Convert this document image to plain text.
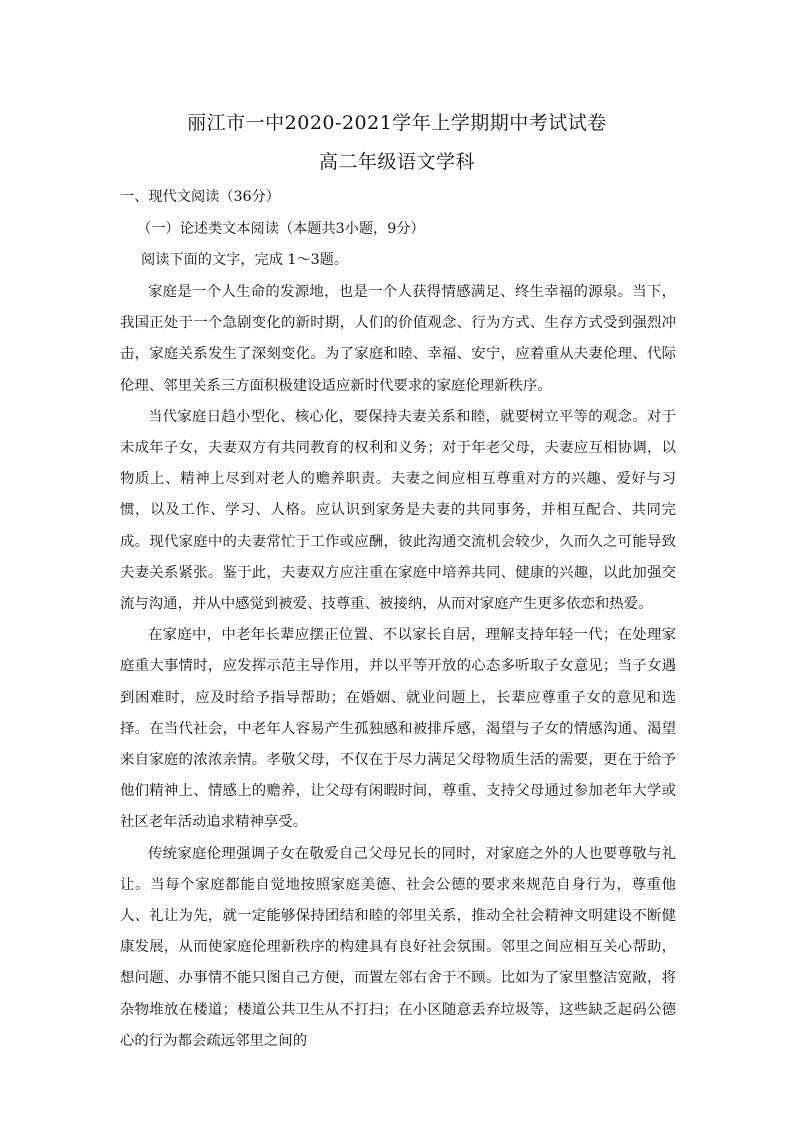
丽江市一中2020-2021学年上学期期中考试试卷
高二年级语文学科
一、现代文阅读（36分）
（一）论述类文本阅读（本题共3小题，9分）
阅读下面的文字，完成 1～3题。

家庭是一个人生命的发源地，也是一个人获得情感满足、终生幸福的源泉。当下，我国正处于一个急剧变化的新时期，人们的价值观念、行为方式、生存方式受到强烈冲击，家庭关系发生了深刻变化。为了家庭和睦、幸福、安宁，应着重从夫妻伦理、代际伦理、邻里关系三方面积极建设适应新时代要求的家庭伦理新秩序。

当代家庭日趋小型化、核心化，要保持夫妻关系和睦，就要树立平等的观念。对于未成年子女，夫妻双方有共同教育的权利和义务；对于年老父母，夫妻应互相协调，以物质上、精神上尽到对老人的赡养职责。夫妻之间应相互尊重对方的兴趣、爱好与习惯，以及工作、学习、人格。应认识到家务是夫妻的共同事务，并相互配合、共同完成。现代家庭中的夫妻常忙于工作或应酬，彼此沟通交流机会较少，久而久之可能导致夫妻关系紧张。鉴于此，夫妻双方应注重在家庭中培养共同、健康的兴趣，以此加强交流与沟通，并从中感觉到被爱、技尊重、被接纳，从而对家庭产生更多依恋和热爱。

在家庭中，中老年长辈应摆正位置、不以家长自居，理解支持年轻一代；在处理家庭重大事情时，应发挥示范主导作用，并以平等开放的心态多听取子女意见；当子女遇到困难时，应及时给予指导帮助；在婚姻、就业问题上，长辈应尊重子女的意见和选择。在当代社会，中老年人容易产生孤独感和被排斥感，渴望与子女的情感沟通、渴望来自家庭的浓浓亲情。孝敬父母，不仅在于尽力满足父母物质生活的需要，更在于给予他们精神上、情感上的赡养，让父母有闲暇时间，尊重、支持父母通过参加老年大学或社区老年活动追求精神享受。

传统家庭伦理强调子女在敬爱自己父母兄长的同时，对家庭之外的人也要尊敬与礼让。当每个家庭都能自觉地按照家庭美德、社会公德的要求来规范自身行为，尊重他人、礼让为先，就一定能够保持团结和睦的邻里关系，推动全社会精神文明建设不断健康发展，从而使家庭伦理新秩序的构建具有良好社会氛围。邻里之间应相互关心帮助，想问题、办事情不能只图自己方便，而置左邻右舍于不顾。比如为了家里整洁宽敞，将杂物堆放在楼道；楼道公共卫生从不打扫；在小区随意丢弃垃圾等，这些缺乏起码公德心的行为都会疏远邻里之间的
